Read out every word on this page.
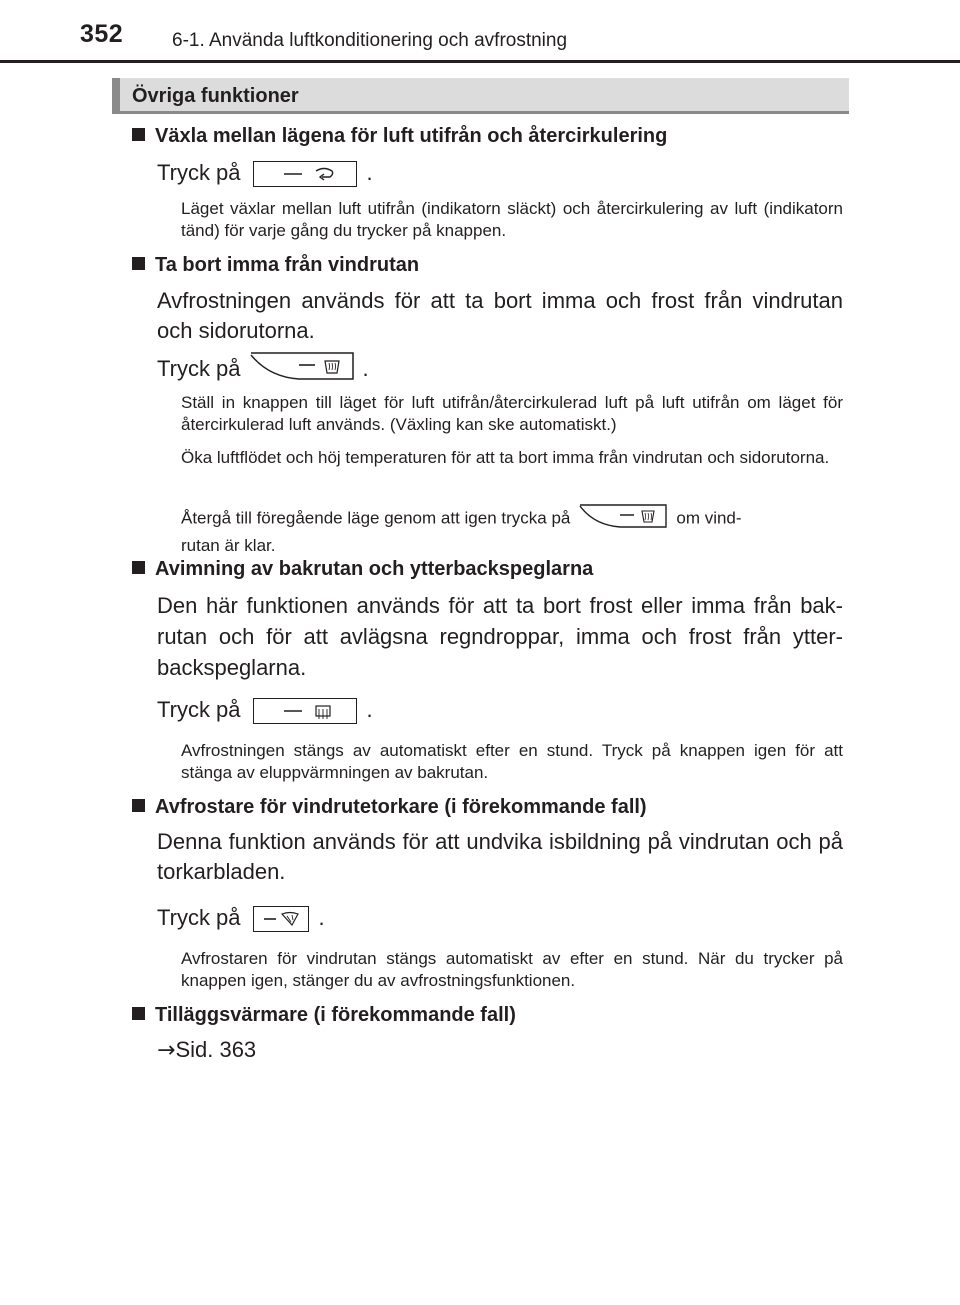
352	6-1. Använda luftkonditionering och avfrostning
Övriga funktioner
Växla mellan lägena för luft utifrån och återcirkulering
Tryck på	.
Läget växlar mellan luft utifrån (indikatorn släckt) och återcirkulering av luft (indikatorn tänd) för varje gång du trycker på knappen.
Ta bort imma från vindrutan
Avfrostningen används för att ta bort imma och frost från vindrutan och sidorutorna.
Tryck på	.
Ställ in knappen till läget för luft utifrån/återcirkulerad luft på luft utifrån om läget för återcirkulerad luft används. (Växling kan ske automatiskt.)
Öka luftflödet och höj temperaturen för att ta bort imma från vindrutan och sidorutorna.
Återgå till föregående läge genom att igen trycka på	om vind-
rutan är klar.
Avimning av bakrutan och ytterbackspeglarna
Den här funktionen används för att ta bort frost eller imma från bak-rutan och för att avlägsna regndroppar, imma och frost från ytter-backspeglarna.
Tryck på	.
Avfrostningen stängs av automatiskt efter en stund. Tryck på knappen igen för att stänga av eluppvärmningen av bakrutan.
Avfrostare för vindrutetorkare (i förekommande fall)
Denna funktion används för att undvika isbildning på vindrutan och på torkarbladen.
Tryck på	.
Avfrostaren för vindrutan stängs automatiskt av efter en stund. När du trycker på knappen igen, stänger du av avfrostningsfunktionen.
Tilläggsvärmare (i förekommande fall)
→Sid. 363
